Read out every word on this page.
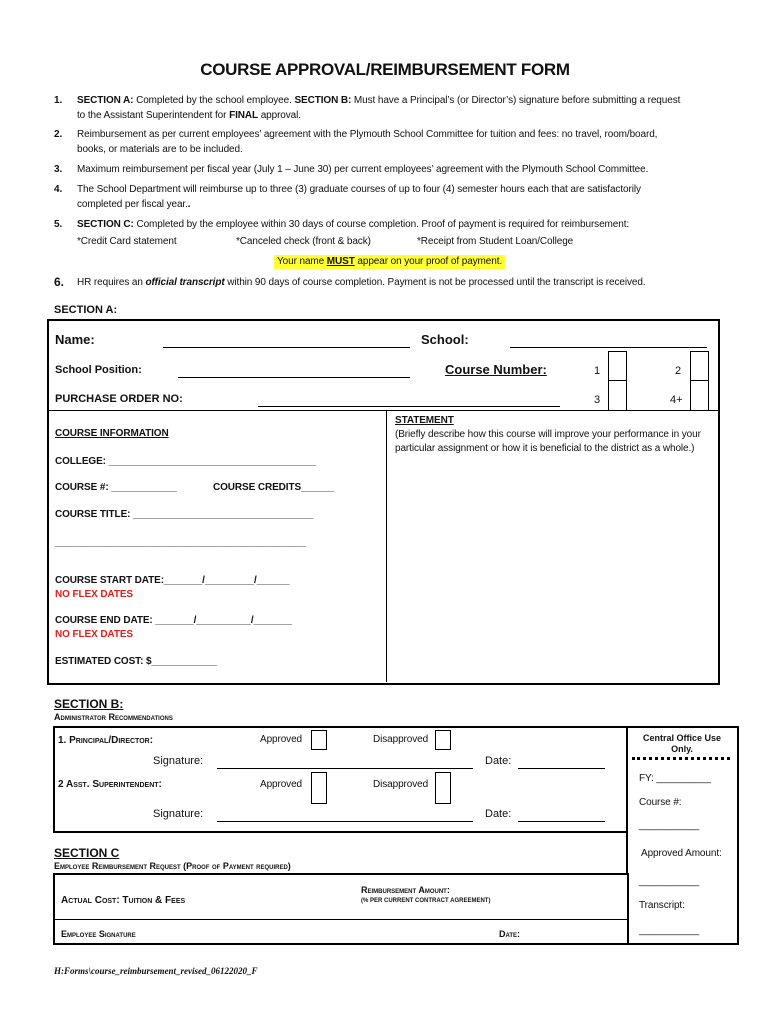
COURSE APPROVAL/REIMBURSEMENT FORM
1. SECTION A: Completed by the school employee. SECTION B: Must have a Principal’s (or Director’s) signature before submitting a request
to the Assistant Superintendent for FINAL approval.
2. Reimbursement as per current employees’ agreement with the Plymouth School Committee for tuition and fees: no travel, room/board,
books, or materials are to be included.
3. Maximum reimbursement per fiscal year (July 1 – June 30) per current employees’ agreement with the Plymouth School Committee.
4. The School Department will reimburse up to three (3) graduate courses of up to four (4) semester hours each that are satisfactorily
completed per fiscal year..
5. SECTION C: Completed by the employee within 30 days of course completion. Proof of payment is required for reimbursement:
*Credit Card statement	*Canceled check (front & back)	*Receipt from Student Loan/College
Your name MUST appear on your proof of payment.
6. HR requires an official transcript within 90 days of course completion. Payment is not be processed until the transcript is received.
SECTION A:
Name:	School:
School Position:	Course Number:	1	2
PURCHASE ORDER NO:	3	4+
COURSE INFORMATION
COLLEGE: ______________________________________
COURSE #: ____________	COURSE CREDITS______
COURSE TITLE: _________________________________
______________________________________________
COURSE START DATE:_______/_________/______
NO FLEX DATES
COURSE END DATE: _______/__________/_______
NO FLEX DATES
ESTIMATED COST: $____________
STATEMENT
(Briefly describe how this course will improve your performance in your particular assignment or how it is beneficial to the district as a whole.)
SECTION B:
Administrator Recommendations
1. Principal/Director:	Approved	Disapproved
Signature:	Date:
2 Asst. Superintendent:	Approved	Disapproved
Signature:	Date:
Central Office Use Only.
FY: __________
Course #:
___________
Approved Amount:
___________
Transcript:
___________
SECTION C
Employee Reimbursement Request (Proof of Payment required)
Actual Cost: Tuition & Fees
Reimbursement Amount:
(% PER CURRENT CONTRACT AGREEMENT)
Employee Signature	Date:
H:Forms\course_reimbursement_revised_06122020_F
